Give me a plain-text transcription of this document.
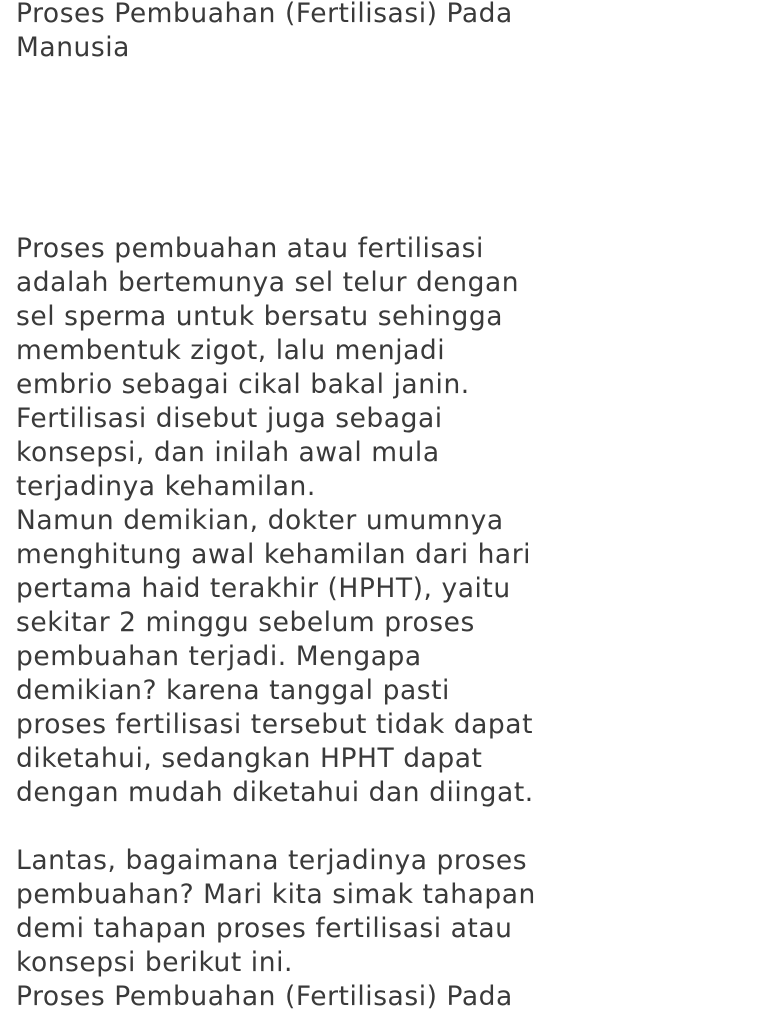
Proses Pembuahan (Fertilisasi) Pada
Manusia
Proses pembuahan atau fertilisasi
adalah bertemunya sel telur dengan
sel sperma untuk bersatu sehingga
membentuk zigot, lalu menjadi
embrio sebagai cikal bakal janin.
Fertilisasi disebut juga sebagai
konsepsi, dan inilah awal mula
terjadinya kehamilan.
Namun demikian, dokter umumnya
menghitung awal kehamilan dari hari
pertama haid terakhir (HPHT), yaitu
sekitar 2 minggu sebelum proses
pembuahan terjadi. Mengapa
demikian? karena tanggal pasti
proses fertilisasi tersebut tidak dapat
diketahui, sedangkan HPHT dapat
dengan mudah diketahui dan diingat.
Lantas, bagaimana terjadinya proses
pembuahan? Mari kita simak tahapan
demi tahapan proses fertilisasi atau
konsepsi berikut ini.
Proses Pembuahan (Fertilisasi) Pada
